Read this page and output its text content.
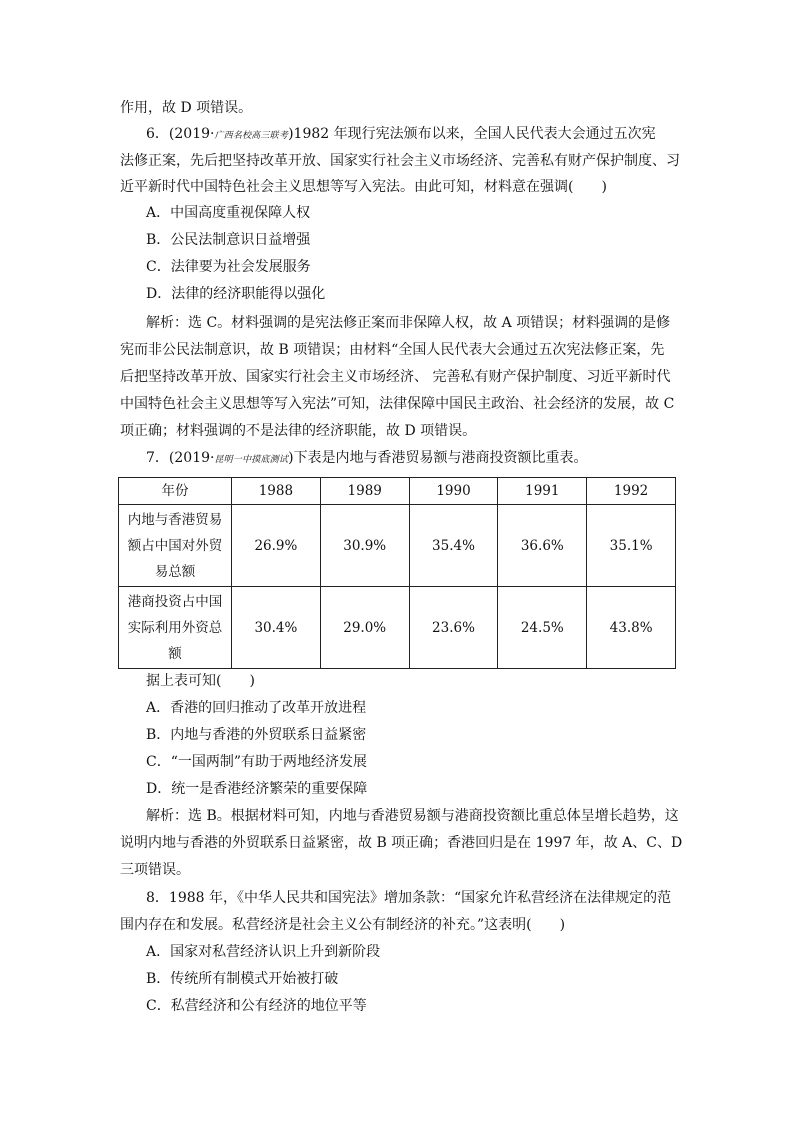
作用，故 D 项错误。
6．(2019·广西名校高三联考)1982 年现行宪法颁布以来，全国人民代表大会通过五次宪
法修正案，先后把坚持改革开放、国家实行社会主义市场经济、完善私有财产保护制度、习
近平新时代中国特色社会主义思想等写入宪法。由此可知，材料意在强调(　　)
A．中国高度重视保障人权
B．公民法制意识日益增强
C．法律要为社会发展服务
D．法律的经济职能得以强化
解析：选 C。材料强调的是宪法修正案而非保障人权，故 A 项错误；材料强调的是修
宪而非公民法制意识，故 B 项错误；由材料“全国人民代表大会通过五次宪法修正案，先
后把坚持改革开放、国家实行社会主义市场经济、 完善私有财产保护制度、习近平新时代
中国特色社会主义思想等写入宪法”可知，法律保障中国民主政治、社会经济的发展，故 C
项正确；材料强调的不是法律的经济职能，故 D 项错误。
7．(2019·昆明一中摸底测试)下表是内地与香港贸易额与港商投资额比重表。
年份	1988	1989	1990	1991	1992
内地与香港贸易额占中国对外贸易总额	26.9%	30.9%	35.4%	36.6%	35.1%
港商投资占中国实际利用外资总额	30.4%	29.0%	23.6%	24.5%	43.8%
据上表可知(　　)
A．香港的回归推动了改革开放进程
B．内地与香港的外贸联系日益紧密
C．“一国两制”有助于两地经济发展
D．统一是香港经济繁荣的重要保障
解析：选 B。根据材料可知，内地与香港贸易额与港商投资额比重总体呈增长趋势，这
说明内地与香港的外贸联系日益紧密，故 B 项正确；香港回归是在 1997 年，故 A、C、D
三项错误。
8．1988 年，《中华人民共和国宪法》增加条款：“国家允许私营经济在法律规定的范
围内存在和发展。私营经济是社会主义公有制经济的补充。”这表明(　　)
A．国家对私营经济认识上升到新阶段
B．传统所有制模式开始被打破
C．私营经济和公有经济的地位平等
